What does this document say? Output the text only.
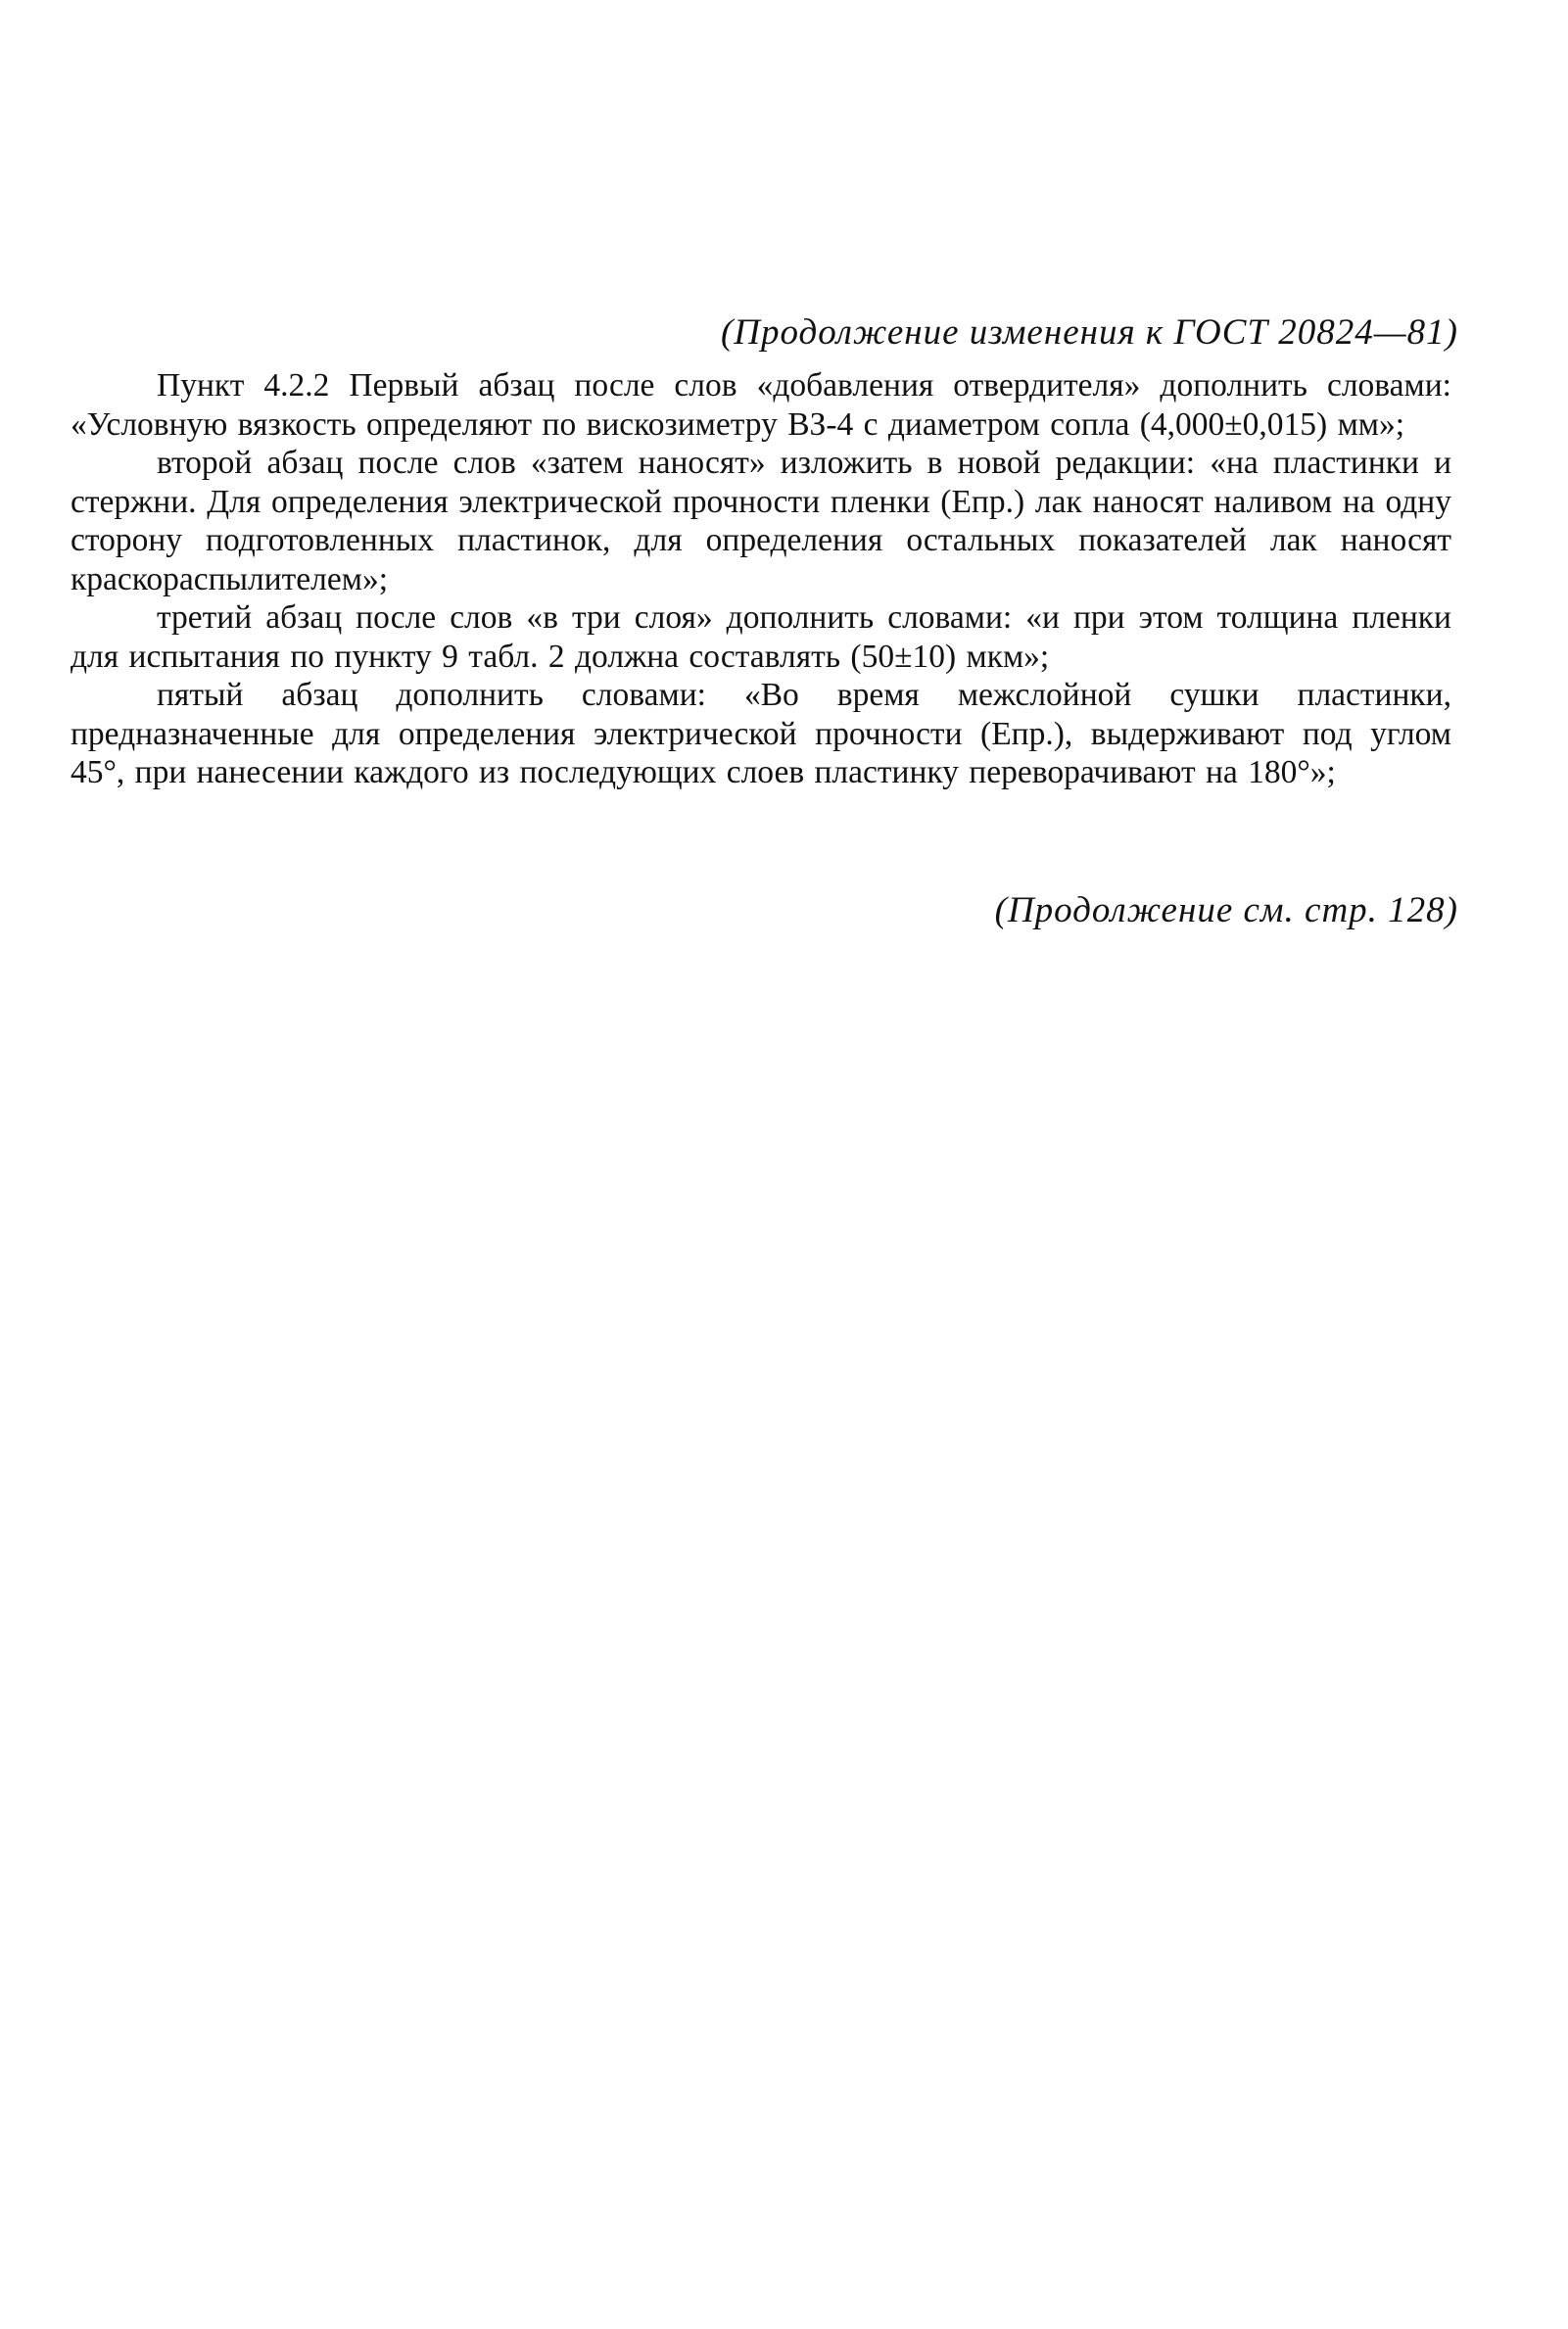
(Продолжение изменения к ГОСТ 20824—81)

Пункт 4.2.2 Первый абзац после слов «добавления отвердителя» дополнить словами: «Условную вязкость определяют по вискозиметру ВЗ-4 с диаметром сопла (4,000±0,015) мм»;

второй абзац после слов «затем наносят» изложить в новой редакции: «на пластинки и стержни. Для определения электрической прочности пленки (Eпр.) лак наносят наливом на одну сторону подготовленных пластинок, для определения остальных показателей лак наносят краскораспылителем»;

третий абзац после слов «в три слоя» дополнить словами: «и при этом толщина пленки для испытания по пункту 9 табл. 2 должна составлять (50±10) мкм»;

пятый абзац дополнить словами: «Во время межслойной сушки пластинки, предназначенные для определения электрической прочности (Eпр.), выдерживают под углом 45°, при нанесении каждого из последующих слоев пластинку переворачивают на 180°»;

(Продолжение см. стр. 128)
